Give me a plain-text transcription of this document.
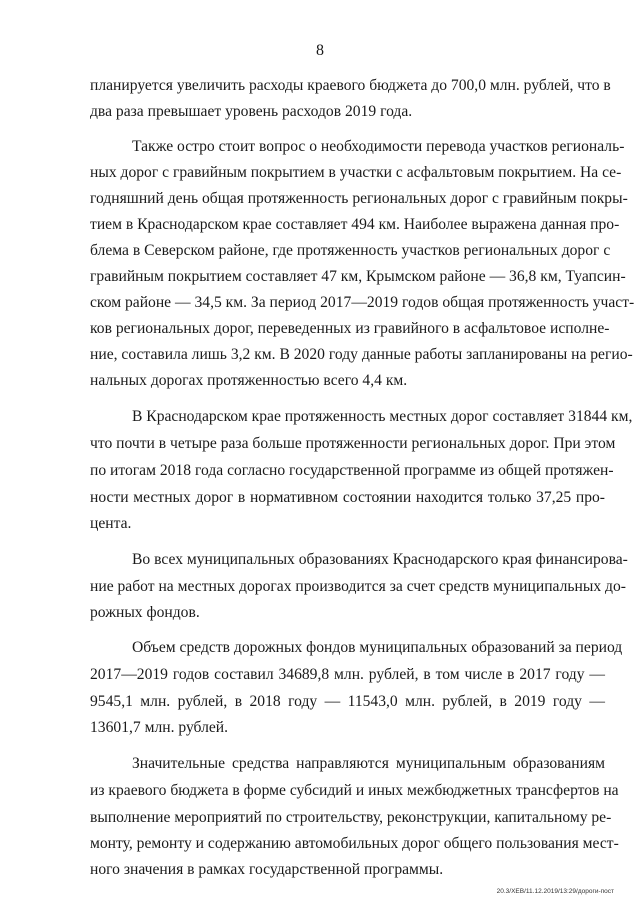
8
планируется увеличить расходы краевого бюджета до 700,0 млн. рублей, что в
два раза превышает уровень расходов 2019 года.
Также остро стоит вопрос о необходимости перевода участков региональ-
ных дорог с гравийным покрытием в участки с асфальтовым покрытием. На се-
годняшний день общая протяженность региональных дорог с гравийным покры-
тием в Краснодарском крае составляет 494 км. Наиболее выражена данная про-
блема в Северском районе, где протяженность участков региональных дорог с
гравийным покрытием составляет 47 км, Крымском районе — 36,8 км, Туапсин-
ском районе — 34,5 км. За период 2017—2019 годов общая протяженность участ-
ков региональных дорог, переведенных из гравийного в асфальтовое исполне-
ние, составила лишь 3,2 км. В 2020 году данные работы запланированы на регио-
нальных дорогах протяженностью всего 4,4 км.
В Краснодарском крае протяженность местных дорог составляет 31844 км,
что почти в четыре раза больше протяженности региональных дорог. При этом
по итогам 2018 года согласно государственной программе из общей протяжен-
ности местных дорог в нормативном состоянии находится только 37,25 про-
цента.
Во всех муниципальных образованиях Краснодарского края финансирова-
ние работ на местных дорогах производится за счет средств муниципальных до-
рожных фондов.
Объем средств дорожных фондов муниципальных образований за период
2017—2019 годов составил 34689,8 млн. рублей, в том числе в 2017 году —
9545,1 млн. рублей, в 2018 году — 11543,0 млн. рублей, в 2019 году —
13601,7 млн. рублей.
Значительные средства направляются муниципальным образованиям
из краевого бюджета в форме субсидий и иных межбюджетных трансфертов на
выполнение мероприятий по строительству, реконструкции, капитальному ре-
монту, ремонту и содержанию автомобильных дорог общего пользования мест-
ного значения в рамках государственной программы.
20.3/ХЕВ/11.12.2019/13:29/дороги-пост
